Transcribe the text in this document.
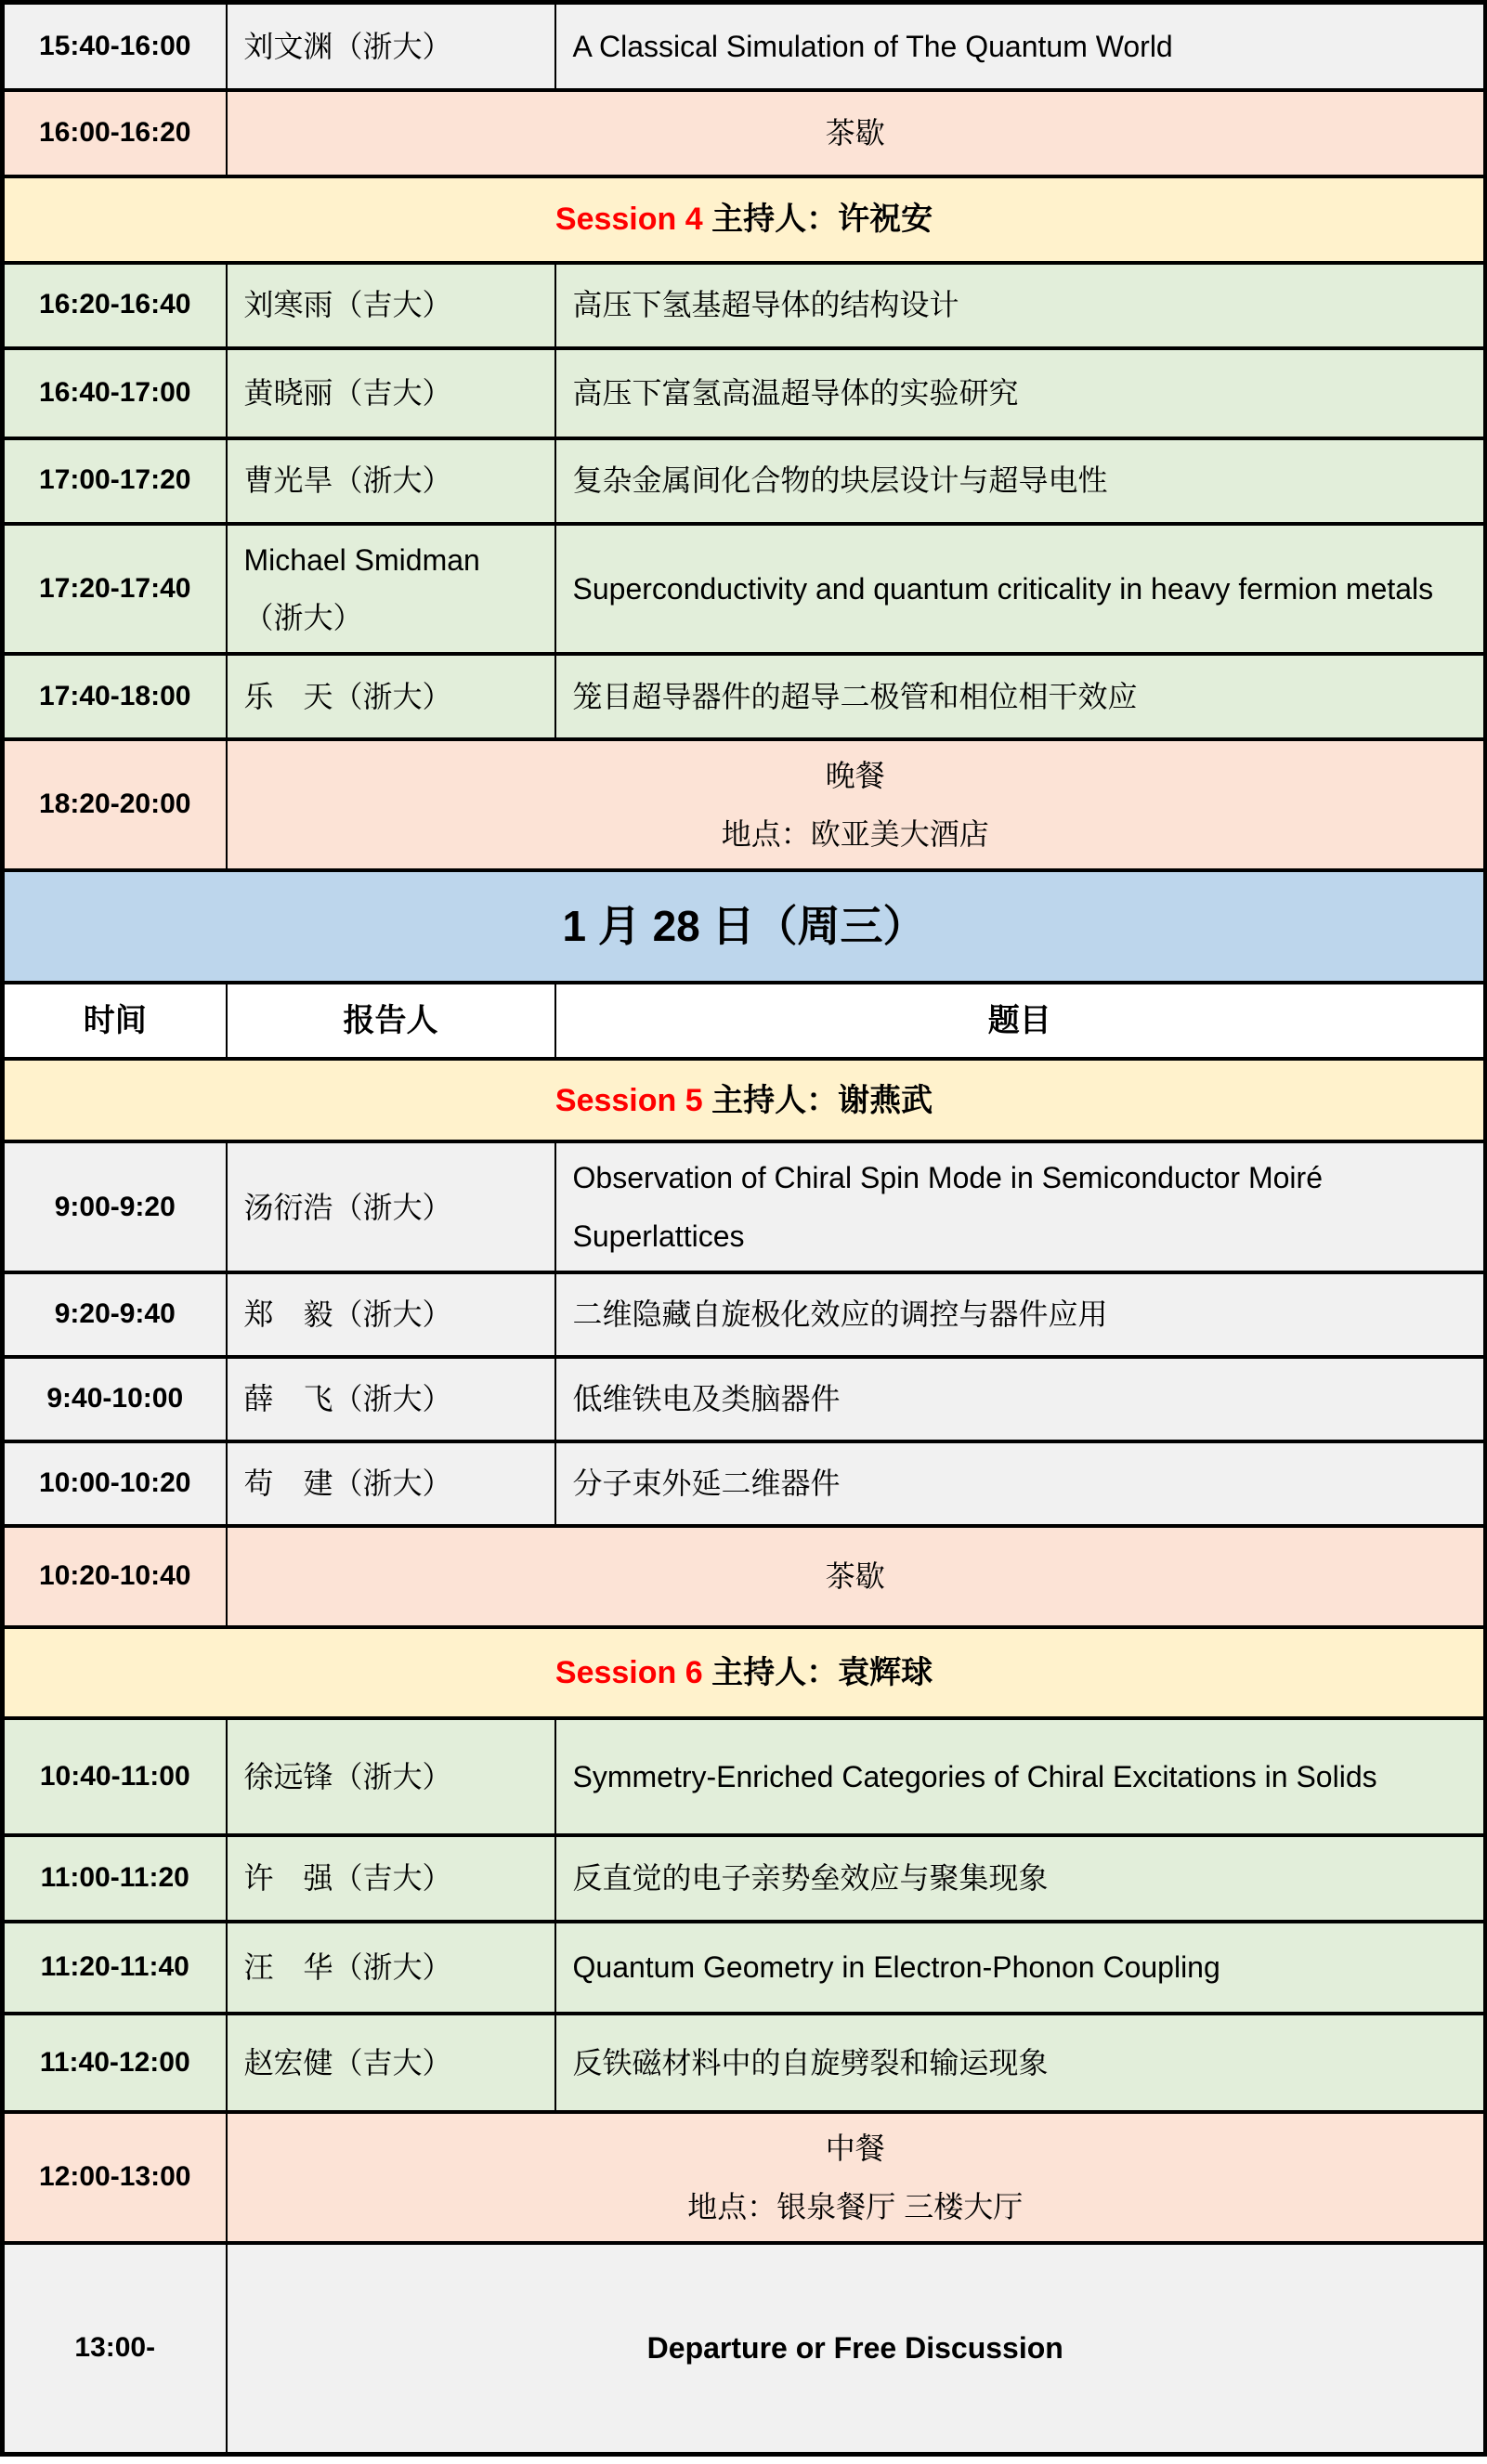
15:40-16:00	刘文渊（浙大）	A Classical Simulation of The Quantum World
16:00-16:20	茶歇	
Session 4 主持人：许祝安		
16:20-16:40	刘寒雨（吉大）	高压下氢基超导体的结构设计
16:40-17:00	黄晓丽（吉大）	高压下富氢高温超导体的实验研究
17:00-17:20	曹光旱（浙大）	复杂金属间化合物的块层设计与超导电性
17:20-17:40	Michael Smidman（浙大）	Superconductivity and quantum criticality in heavy fermion metals
17:40-18:00	乐　天（浙大）	笼目超导器件的超导二极管和相位相干效应
18:20-20:00	晚餐
地点：欧亚美大酒店	

1 月 28 日（周三）		
时间	报告人	题目
Session 5 主持人：谢燕武		
9:00-9:20	汤衍浩（浙大）	Observation of Chiral Spin Mode in Semiconductor Moiré Superlattices
9:20-9:40	郑　毅（浙大）	二维隐藏自旋极化效应的调控与器件应用
9:40-10:00	薛　飞（浙大）	低维铁电及类脑器件
10:00-10:20	苟　建（浙大）	分子束外延二维器件
10:20-10:40	茶歇	
Session 6 主持人：袁辉球		
10:40-11:00	徐远锋（浙大）	Symmetry-Enriched Categories of Chiral Excitations in Solids
11:00-11:20	许　强（吉大）	反直觉的电子亲势垒效应与聚集现象
11:20-11:40	汪　华（浙大）	Quantum Geometry in Electron-Phonon Coupling
11:40-12:00	赵宏健（吉大）	反铁磁材料中的自旋劈裂和输运现象
12:00-13:00	中餐
地点：银泉餐厅 三楼大厅	

13:00-	Departure or Free Discussion	
